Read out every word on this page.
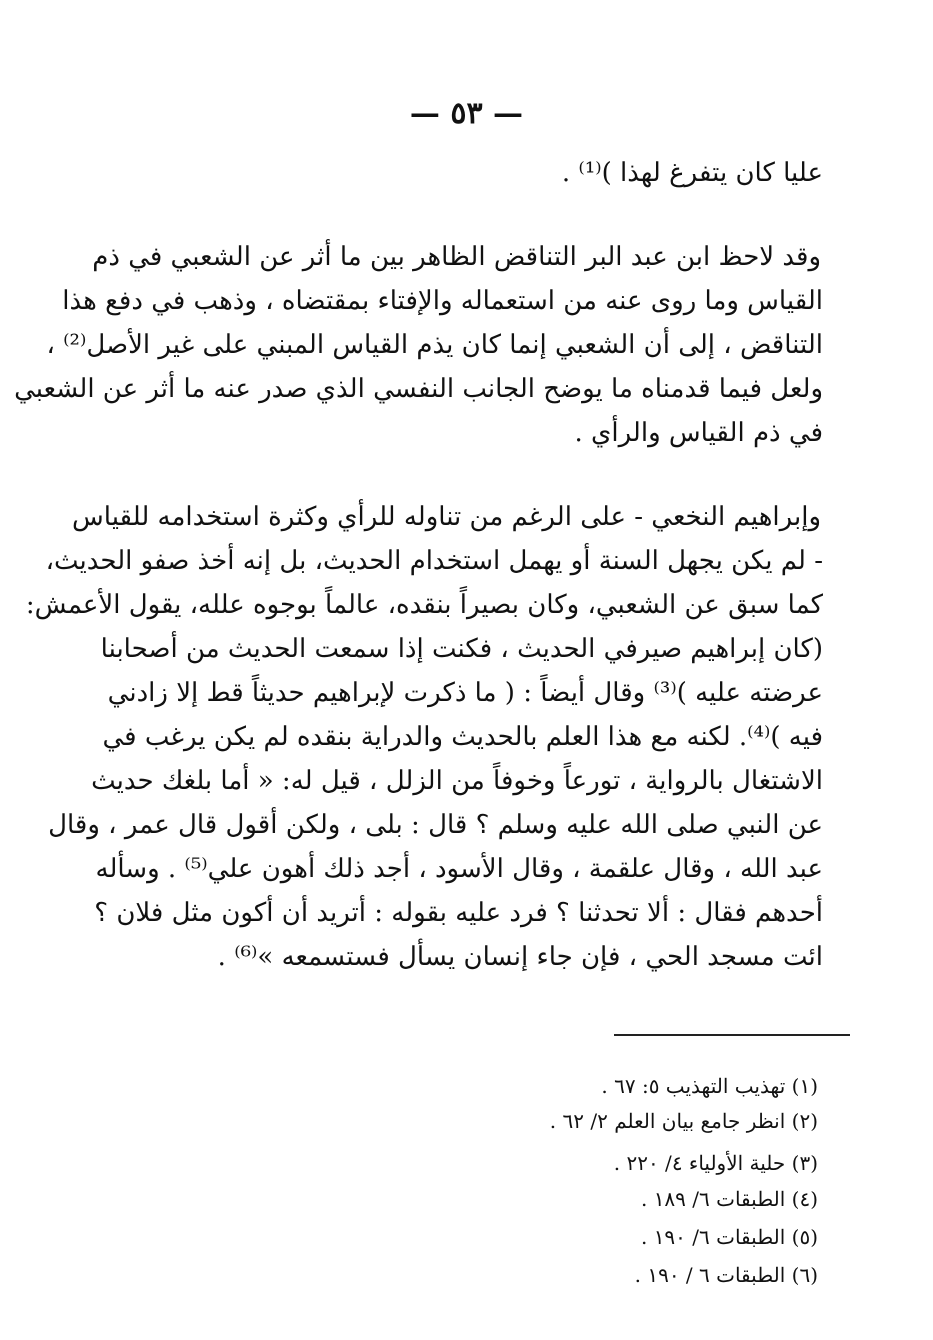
— ٥٣ —
عليا كان يتفرغ لهذا )⁽¹⁾ .
وقد لاحظ ابن عبد البر التناقض الظاهر بين ما أثر عن الشعبي في ذم
القياس وما روى عنه من استعماله والإفتاء بمقتضاه ، وذهب في دفع هذا
التناقض ، إلى أن الشعبي إنما كان يذم القياس المبني على غير الأصل⁽²⁾ ،
ولعل فيما قدمناه ما يوضح الجانب النفسي الذي صدر عنه ما أثر عن الشعبي
في ذم القياس والرأي .
وإبراهيم النخعي - على الرغم من تناوله للرأي وكثرة استخدامه للقياس
- لم يكن يجهل السنة أو يهمل استخدام الحديث، بل إنه أخذ صفو الحديث،
كما سبق عن الشعبي، وكان بصيراً بنقده، عالماً بوجوه علله، يقول الأعمش:
(كان إبراهيم صيرفي الحديث ، فكنت إذا سمعت الحديث من أصحابنا
عرضته عليه )⁽³⁾ وقال أيضاً : ( ما ذكرت لإبراهيم حديثاً قط إلا زادني
فيه )⁽⁴⁾. لكنه مع هذا العلم بالحديث والدراية بنقده لم يكن يرغب في
الاشتغال بالرواية ، تورعاً وخوفاً من الزلل ، قيل له: « أما بلغك حديث
عن النبي صلى الله عليه وسلم ؟ قال : بلى ، ولكن أقول قال عمر ، وقال
عبد الله ، وقال علقمة ، وقال الأسود ، أجد ذلك أهون علي⁽⁵⁾ . وسأله
أحدهم فقال : ألا تحدثنا ؟ فرد عليه بقوله : أتريد أن أكون مثل فلان ؟
ائت مسجد الحي ، فإن جاء إنسان يسأل فستسمعه »⁽⁶⁾ .
(١) تهذيب التهذيب ٥: ٦٧ .
(٢) انظر جامع بيان العلم ٢/ ٦٢ .
(٣) حلية الأولياء ٤/ ٢٢٠ .
(٤) الطبقات ٦/ ١٨٩ .
(٥) الطبقات ٦/ ١٩٠ .
(٦) الطبقات ٦ / ١٩٠ .
